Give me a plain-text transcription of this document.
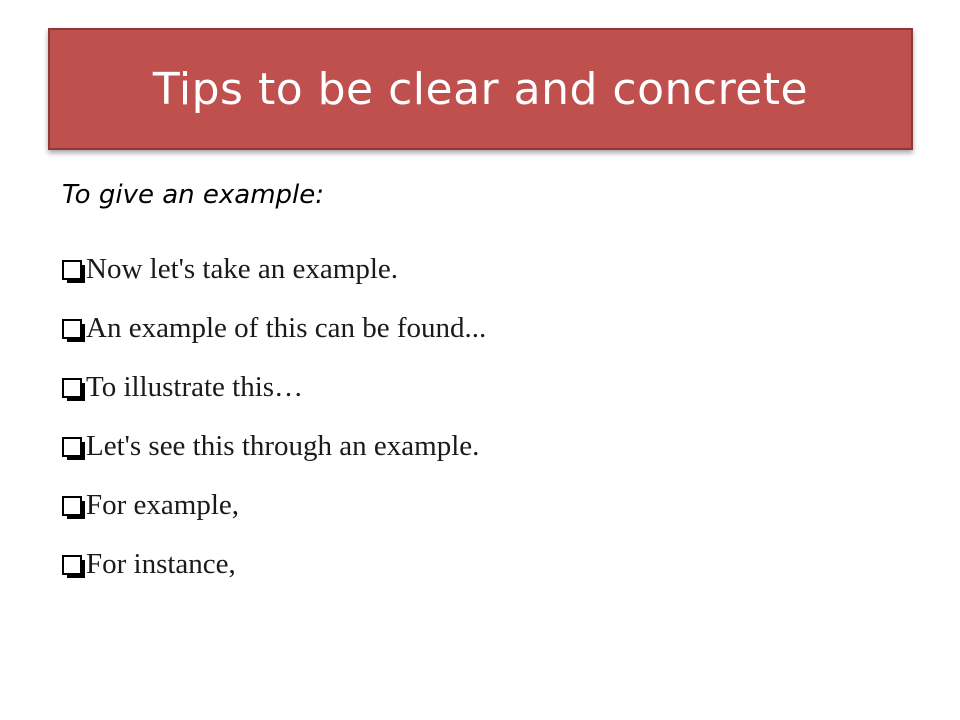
Tips to be clear and concrete
To give an example:
Now let's take an example.
An example of this can be found...
To illustrate this…
Let's see this through an example.
For example,
For instance,
